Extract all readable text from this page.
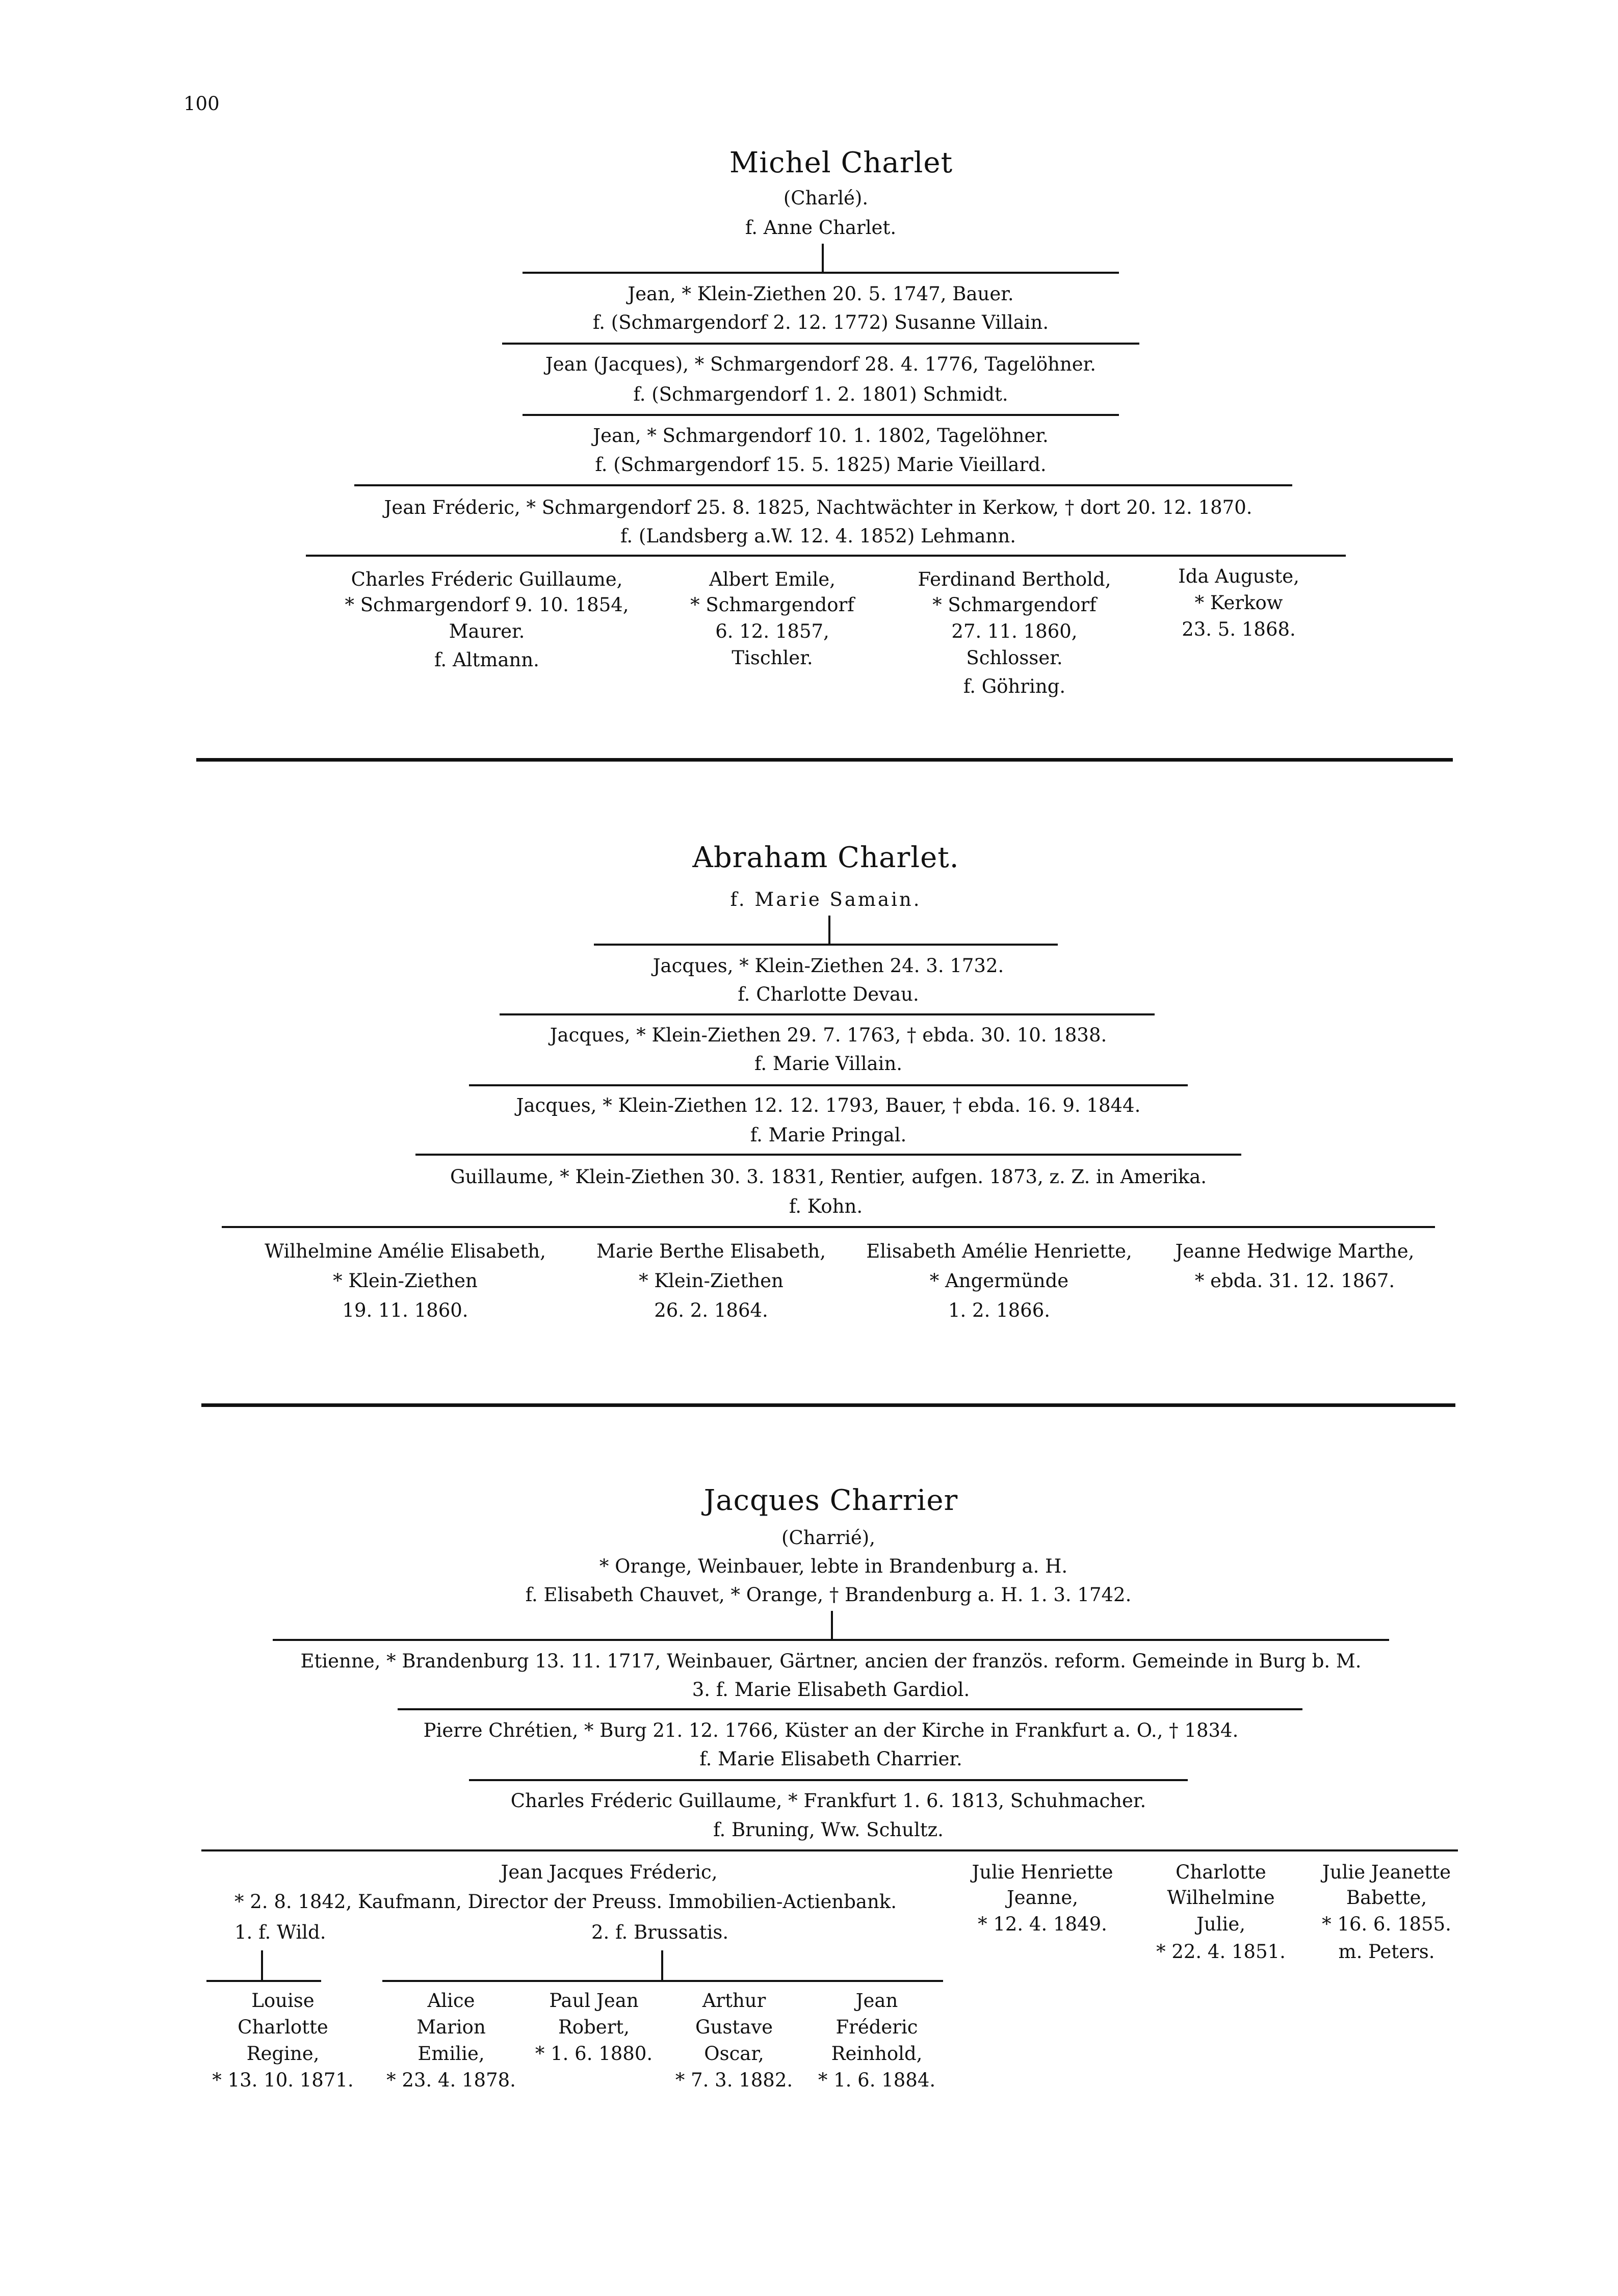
100
Michel Charlet
(Charlé).
f. Anne Charlet.
Jean, * Klein-Ziethen 20. 5. 1747, Bauer.
f. (Schmargendorf 2. 12. 1772) Susanne Villain.
Jean (Jacques), * Schmargendorf 28. 4. 1776, Tagelöhner.
f. (Schmargendorf 1. 2. 1801) Schmidt.
Jean, * Schmargendorf 10. 1. 1802, Tagelöhner.
f. (Schmargendorf 15. 5. 1825) Marie Vieillard.
Jean Fréderic, * Schmargendorf 25. 8. 1825, Nachtwächter in Kerkow, † dort 20. 12. 1870.
f. (Landsberg a.W. 12. 4. 1852) Lehmann.
Charles Fréderic Guillaume,
* Schmargendorf 9. 10. 1854,
Maurer.
f. Altmann.
Albert Emile,
* Schmargendorf
6. 12. 1857,
Tischler.
Ferdinand Berthold,
* Schmargendorf
27. 11. 1860,
Schlosser.
f. Göhring.
Ida Auguste,
* Kerkow
23. 5. 1868.
Abraham Charlet.
f. Marie Samain.
Jacques, * Klein-Ziethen 24. 3. 1732.
f. Charlotte Devau.
Jacques, * Klein-Ziethen 29. 7. 1763, † ebda. 30. 10. 1838.
f. Marie Villain.
Jacques, * Klein-Ziethen 12. 12. 1793, Bauer, † ebda. 16. 9. 1844.
f. Marie Pringal.
Guillaume, * Klein-Ziethen 30. 3. 1831, Rentier, aufgen. 1873, z. Z. in Amerika.
f. Kohn.
Wilhelmine Amélie Elisabeth,
* Klein-Ziethen
19. 11. 1860.
Marie Berthe Elisabeth,
* Klein-Ziethen
26. 2. 1864.
Elisabeth Amélie Henriette,
* Angermünde
1. 2. 1866.
Jeanne Hedwige Marthe,
* ebda. 31. 12. 1867.
Jacques Charrier
(Charrié),
* Orange, Weinbauer, lebte in Brandenburg a. H.
f. Elisabeth Chauvet, * Orange, † Brandenburg a. H. 1. 3. 1742.
Etienne, * Brandenburg 13. 11. 1717, Weinbauer, Gärtner, ancien der französ. reform. Gemeinde in Burg b. M.
3. f. Marie Elisabeth Gardiol.
Pierre Chrétien, * Burg 21. 12. 1766, Küster an der Kirche in Frankfurt a. O., † 1834.
f. Marie Elisabeth Charrier.
Charles Fréderic Guillaume, * Frankfurt 1. 6. 1813, Schuhmacher.
f. Bruning, Ww. Schultz.
Jean Jacques Fréderic,
* 2. 8. 1842, Kaufmann, Director der Preuss. Immobilien-Actienbank.
1. f. Wild.	2. f. Brussatis.
Julie Henriette
Jeanne,
* 12. 4. 1849.
Charlotte
Wilhelmine
Julie,
* 22. 4. 1851.
Julie Jeanette
Babette,
* 16. 6. 1855.
m. Peters.
Louise
Charlotte
Regine,
* 13. 10. 1871.
Alice
Marion
Emilie,
* 23. 4. 1878.
Paul Jean
Robert,
* 1. 6. 1880.
Arthur
Gustave
Oscar,
* 7. 3. 1882.
Jean
Fréderic
Reinhold,
* 1. 6. 1884.
